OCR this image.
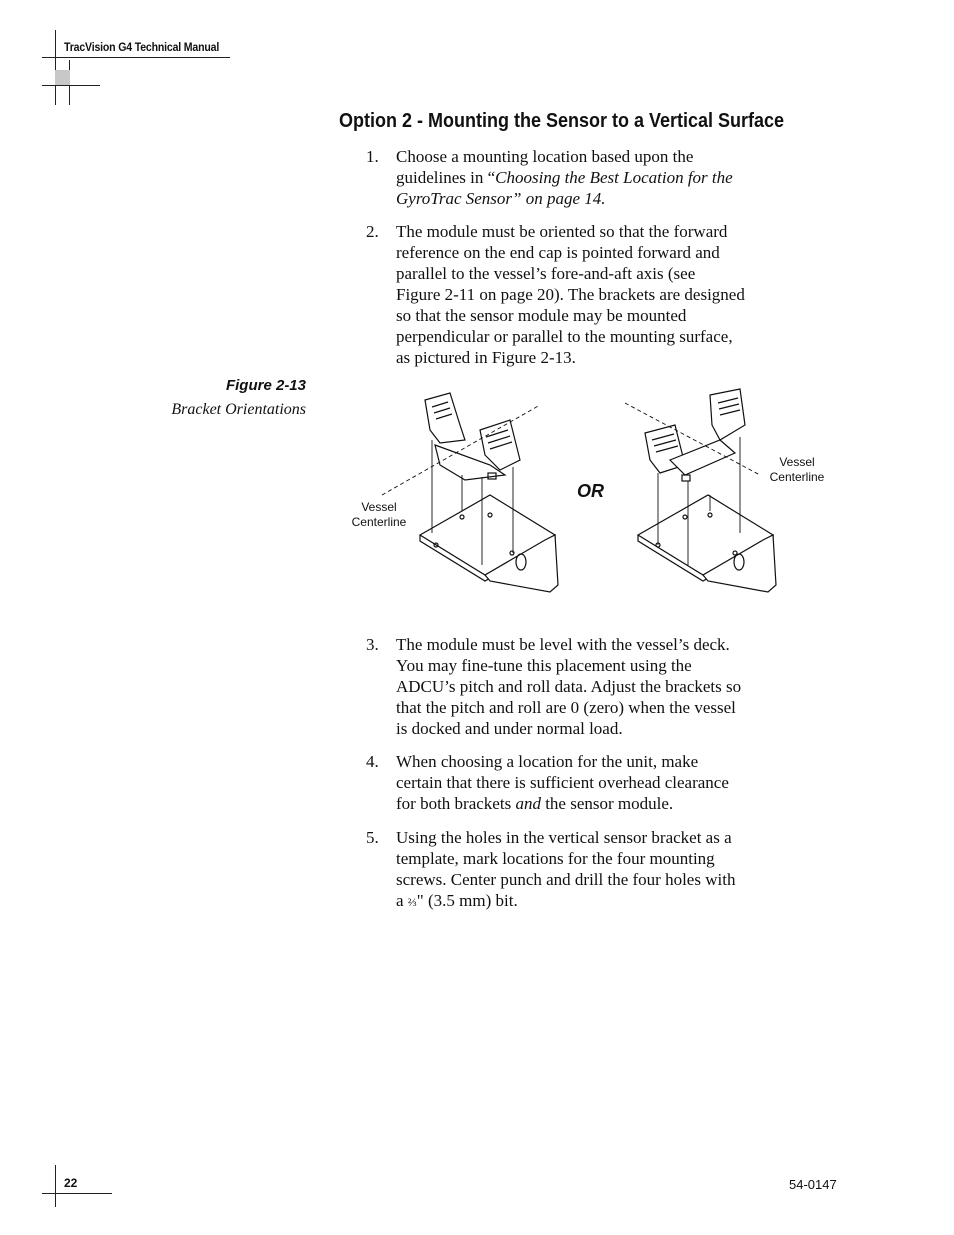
TracVision G4 Technical Manual
Option 2 - Mounting the Sensor to a Vertical Surface
1. Choose a mounting location based upon the
guidelines in “Choosing the Best Location for the
GyroTrac Sensor” on page 14.
2. The module must be oriented so that the forward
reference on the end cap is pointed forward and
parallel to the vessel’s fore-and-aft axis (see
Figure 2-11 on page 20). The brackets are designed
so that the sensor module may be mounted
perpendicular or parallel to the mounting surface,
as pictured in Figure 2-13.
Figure 2-13
Bracket Orientations
Vessel
Centerline
Vessel
Centerline
OR
3. The module must be level with the vessel’s deck.
You may fine-tune this placement using the
ADCU’s pitch and roll data. Adjust the brackets so
that the pitch and roll are 0 (zero) when the vessel
is docked and under normal load.
4. When choosing a location for the unit, make
certain that there is sufficient overhead clearance
for both brackets and the sensor module.
5. Using the holes in the vertical sensor bracket as a
template, mark locations for the four mounting
screws. Center punch and drill the four holes with
a ⅔" (3.5 mm) bit.
22	54-0147
